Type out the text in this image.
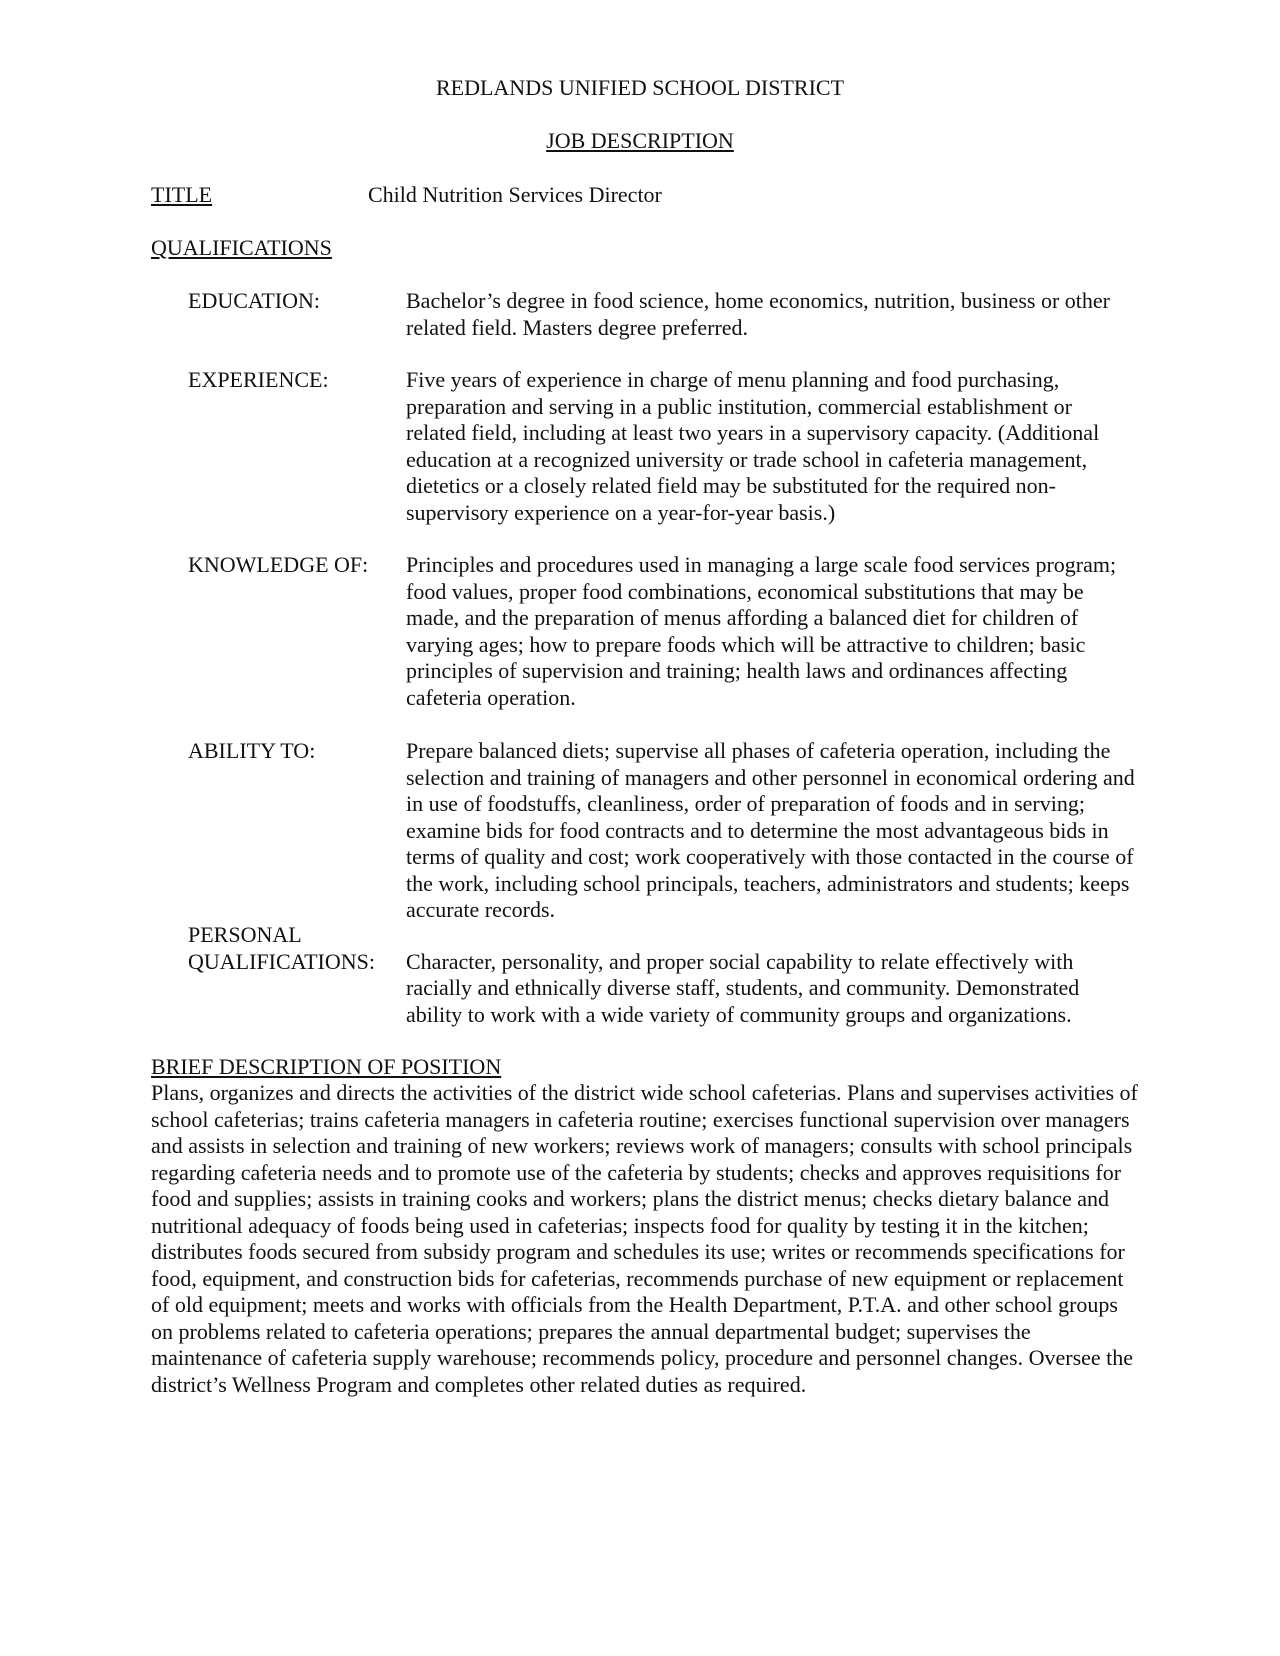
REDLANDS UNIFIED SCHOOL DISTRICT
JOB DESCRIPTION
TITLE	Child Nutrition Services Director
QUALIFICATIONS
EDUCATION:	Bachelor’s degree in food science, home economics, nutrition, business or other related field. Masters degree preferred.
EXPERIENCE:	Five years of experience in charge of menu planning and food purchasing, preparation and serving in a public institution, commercial establishment or related field, including at least two years in a supervisory capacity. (Additional education at a recognized university or trade school in cafeteria management, dietetics or a closely related field may be substituted for the required non-supervisory experience on a year-for-year basis.)
KNOWLEDGE OF: Principles and procedures used in managing a large scale food services program; food values, proper food combinations, economical substitutions that may be made, and the preparation of menus affording a balanced diet for children of varying ages; how to prepare foods which will be attractive to children; basic principles of supervision and training; health laws and ordinances affecting cafeteria operation.
ABILITY TO:	Prepare balanced diets; supervise all phases of cafeteria operation, including the selection and training of managers and other personnel in economical ordering and in use of foodstuffs, cleanliness, order of preparation of foods and in serving; examine bids for food contracts and to determine the most advantageous bids in terms of quality and cost; work cooperatively with those contacted in the course of the work, including school principals, teachers, administrators and students; keeps accurate records.
PERSONAL
QUALIFICATIONS: Character, personality, and proper social capability to relate effectively with racially and ethnically diverse staff, students, and community. Demonstrated ability to work with a wide variety of community groups and organizations.
BRIEF DESCRIPTION OF POSITION
Plans, organizes and directs the activities of the district wide school cafeterias. Plans and supervises activities of school cafeterias; trains cafeteria managers in cafeteria routine; exercises functional supervision over managers and assists in selection and training of new workers; reviews work of managers; consults with school principals regarding cafeteria needs and to promote use of the cafeteria by students; checks and approves requisitions for food and supplies; assists in training cooks and workers; plans the district menus; checks dietary balance and nutritional adequacy of foods being used in cafeterias; inspects food for quality by testing it in the kitchen; distributes foods secured from subsidy program and schedules its use; writes or recommends specifications for food, equipment, and construction bids for cafeterias, recommends purchase of new equipment or replacement of old equipment; meets and works with officials from the Health Department, P.T.A. and other school groups on problems related to cafeteria operations; prepares the annual departmental budget; supervises the maintenance of cafeteria supply warehouse; recommends policy, procedure and personnel changes. Oversee the district’s Wellness Program and completes other related duties as required.
